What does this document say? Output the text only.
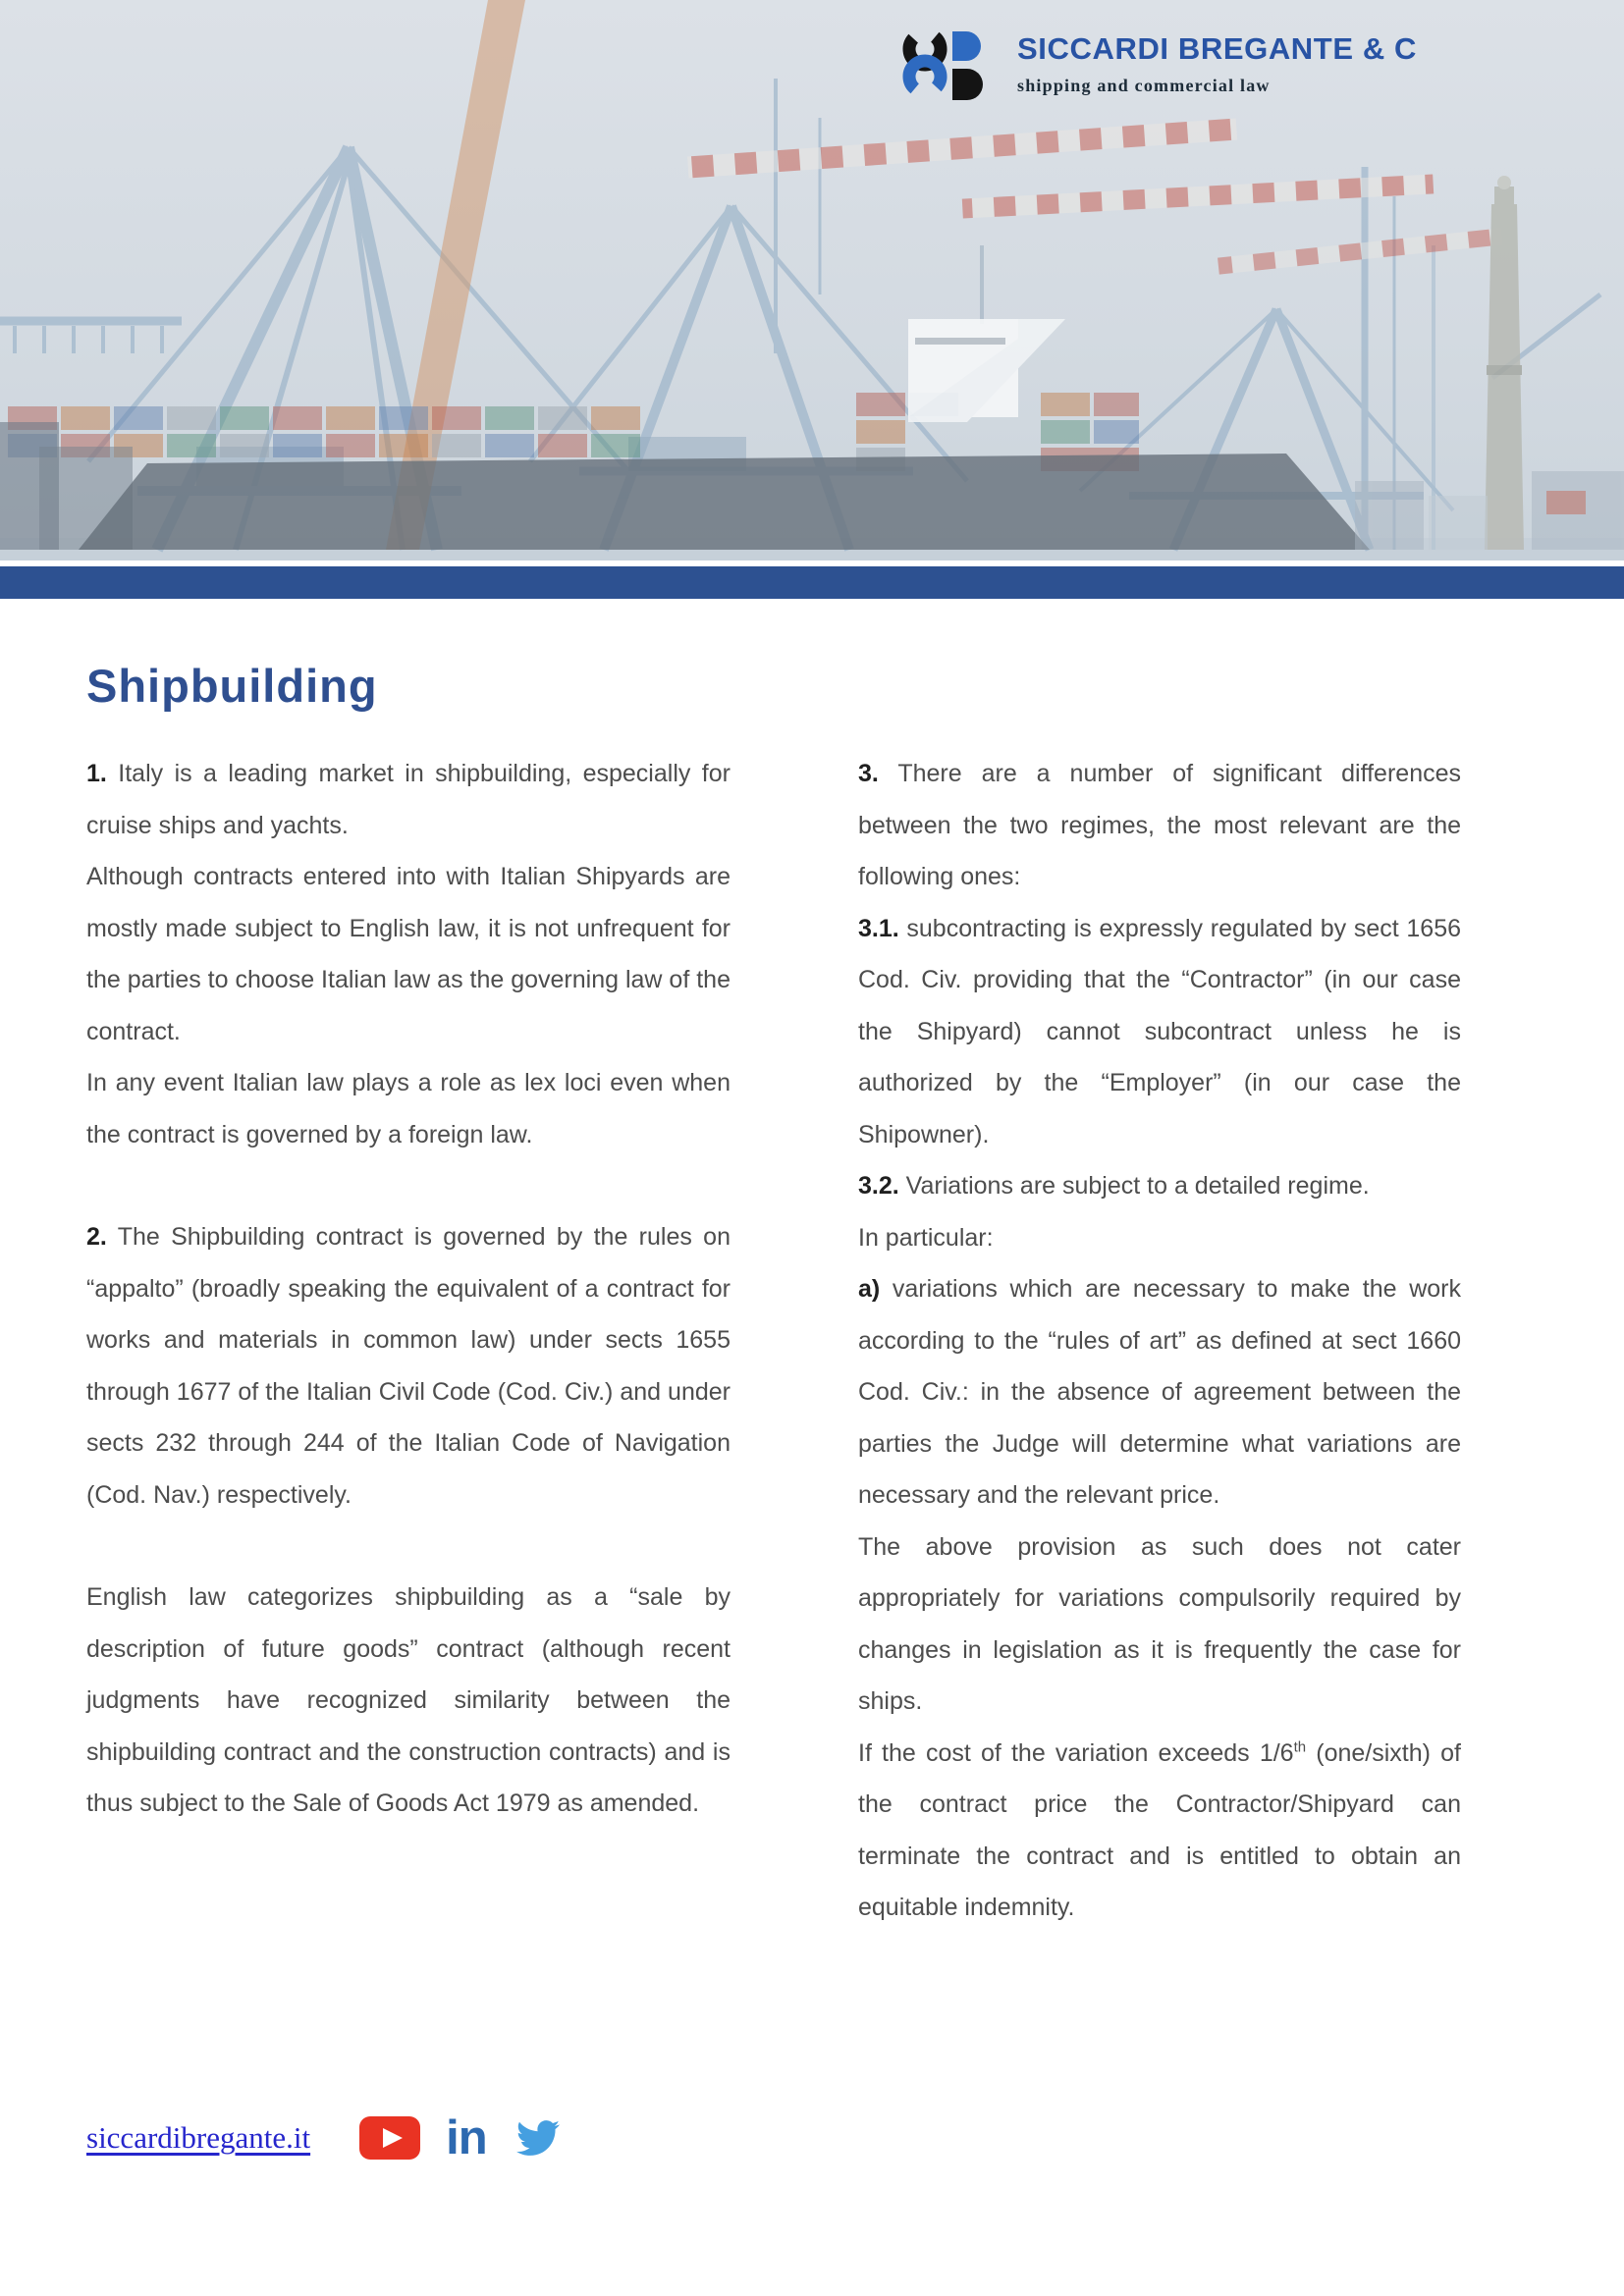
SICCARDI BREGANTE & C
shipping and commercial law
Shipbuilding

1. Italy is a leading market in shipbuilding, especially for cruise ships and yachts.

Although contracts entered into with Italian Shipyards are mostly made subject to English law, it is not unfrequent for the parties to choose Italian law as the governing law of the contract.

In any event Italian law plays a role as lex loci even when the contract is governed by a foreign law.

2. The Shipbuilding contract is governed by the rules on “appalto” (broadly speaking the equivalent of a contract for works and materials in common law) under sects 1655 through 1677 of the Italian Civil Code (Cod. Civ.) and under sects 232 through 244 of the Italian Code of Navigation (Cod. Nav.) respectively.

English law categorizes shipbuilding as a “sale by description of future goods” contract (although recent judgments have recognized similarity between the shipbuilding contract and the construction contracts) and is thus subject to the Sale of Goods Act 1979 as amended.

3. There are a number of significant differences between the two regimes, the most relevant are the following ones:

3.1. subcontracting is expressly regulated by sect 1656 Cod. Civ. providing that the “Contractor” (in our case the Shipyard) cannot subcontract unless he is authorized by the “Employer” (in our case the Shipowner).

3.2. Variations are subject to a detailed regime.

In particular:

a) variations which are necessary to make the work according to the “rules of art” as defined at sect 1660 Cod. Civ.: in the absence of agreement between the parties the Judge will determine what variations are necessary and the relevant price.

The above provision as such does not cater appropriately for variations compulsorily required by changes in legislation as it is frequently the case for ships.

If the cost of the variation exceeds 1/6th (one/sixth) of the contract price the Contractor/Shipyard can terminate the contract and is entitled to obtain an equitable indemnity.

siccardibregante.it	in
